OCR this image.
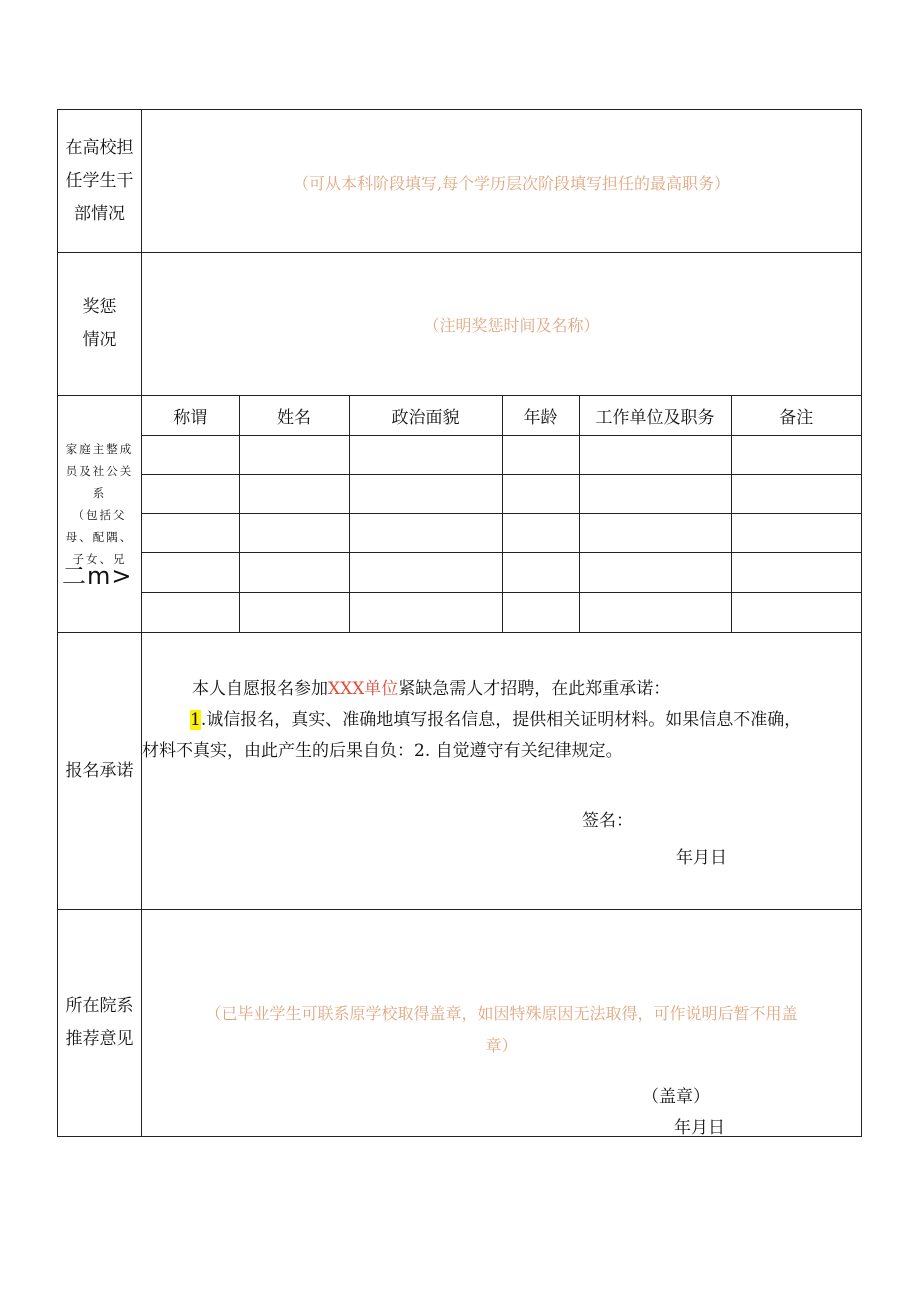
在高校担
任学生干
部情况
（可从本科阶段填写,每个学历层次阶段填写担任的最高职务）
奖惩
情况
（注明奖惩时间及名称）
家庭主整成
员及社公关
系
（包括父
母、配隅、
子女、兄
二m>
称谓	姓名	政治面貌	年龄	工作单位及职务	备注

报名承诺
本人自愿报名参加XXX单位紧缺急需人才招聘，在此郑重承诺：
1.诚信报名，真实、准确地填写报名信息，提供相关证明材料。如果信息不准确，
材料不真实，由此产生的后果自负：2. 自觉遵守有关纪律规定。
签名：
年月日
所在院系
推荐意见
（已毕业学生可联系原学校取得盖章，如因特殊原因无法取得，可作说明后暂不用盖
章）
（盖章）
年月日
